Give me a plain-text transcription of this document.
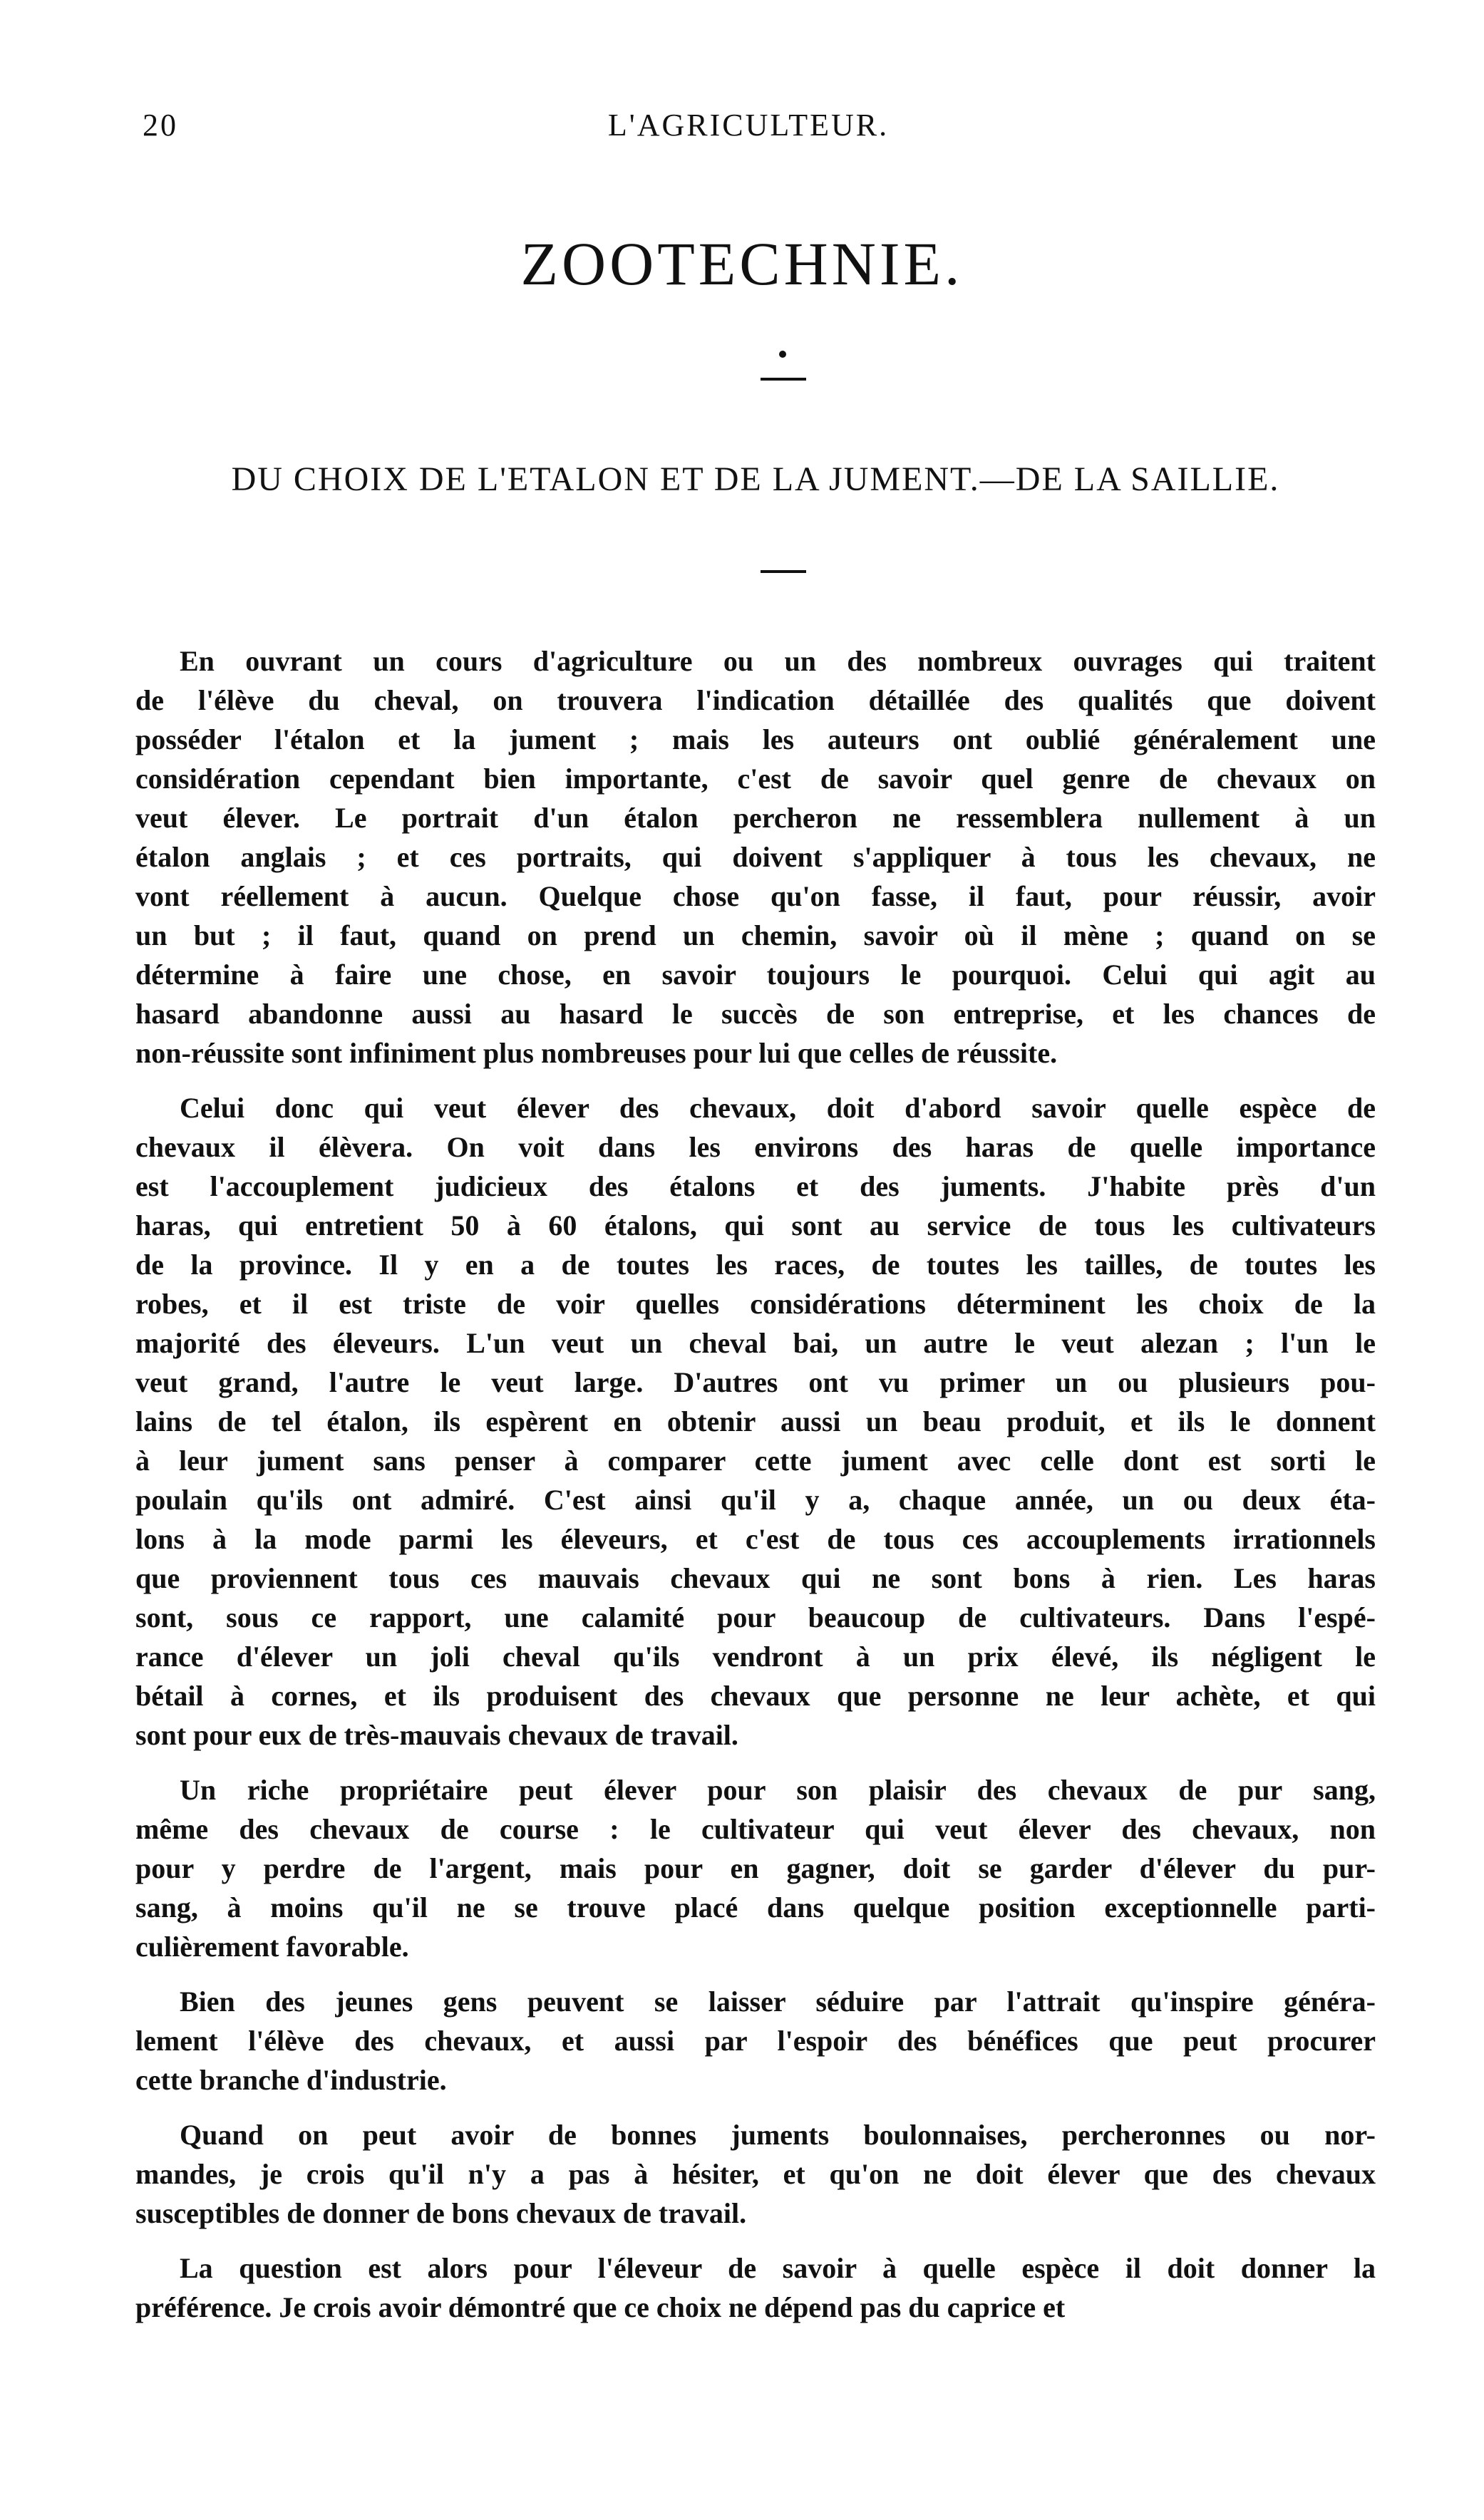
20	L'AGRICULTEUR.
ZOOTECHNIE.
DU CHOIX DE L'ETALON ET DE LA JUMENT.—DE LA SAILLIE.

En ouvrant un cours d'agriculture ou un des nombreux ouvrages qui traitent
de l'élève du cheval, on trouvera l'indication détaillée des qualités que doivent
posséder l'étalon et la jument ; mais les auteurs ont oublié généralement une
considération cependant bien importante, c'est de savoir quel genre de chevaux on
veut élever. Le portrait d'un étalon percheron ne ressemblera nullement à un
étalon anglais ; et ces portraits, qui doivent s'appliquer à tous les chevaux, ne
vont réellement à aucun. Quelque chose qu'on fasse, il faut, pour réussir, avoir
un but ; il faut, quand on prend un chemin, savoir où il mène ; quand on se
détermine à faire une chose, en savoir toujours le pourquoi. Celui qui agit au
hasard abandonne aussi au hasard le succès de son entreprise, et les chances de
non-réussite sont infiniment plus nombreuses pour lui que celles de réussite.

Celui donc qui veut élever des chevaux, doit d'abord savoir quelle espèce de
chevaux il élèvera. On voit dans les environs des haras de quelle importance
est l'accouplement judicieux des étalons et des juments. J'habite près d'un
haras, qui entretient 50 à 60 étalons, qui sont au service de tous les cultivateurs
de la province. Il y en a de toutes les races, de toutes les tailles, de toutes les
robes, et il est triste de voir quelles considérations déterminent les choix de la
majorité des éleveurs. L'un veut un cheval bai, un autre le veut alezan ; l'un le
veut grand, l'autre le veut large. D'autres ont vu primer un ou plusieurs pou-
lains de tel étalon, ils espèrent en obtenir aussi un beau produit, et ils le donnent
à leur jument sans penser à comparer cette jument avec celle dont est sorti le
poulain qu'ils ont admiré. C'est ainsi qu'il y a, chaque année, un ou deux éta-
lons à la mode parmi les éleveurs, et c'est de tous ces accouplements irrationnels
que proviennent tous ces mauvais chevaux qui ne sont bons à rien. Les haras
sont, sous ce rapport, une calamité pour beaucoup de cultivateurs. Dans l'espé-
rance d'élever un joli cheval qu'ils vendront à un prix élevé, ils négligent le
bétail à cornes, et ils produisent des chevaux que personne ne leur achète, et qui
sont pour eux de très-mauvais chevaux de travail.

Un riche propriétaire peut élever pour son plaisir des chevaux de pur sang,
même des chevaux de course : le cultivateur qui veut élever des chevaux, non
pour y perdre de l'argent, mais pour en gagner, doit se garder d'élever du pur-
sang, à moins qu'il ne se trouve placé dans quelque position exceptionnelle parti-
culièrement favorable.

Bien des jeunes gens peuvent se laisser séduire par l'attrait qu'inspire généra-
lement l'élève des chevaux, et aussi par l'espoir des bénéfices que peut procurer
cette branche d'industrie.

Quand on peut avoir de bonnes juments boulonnaises, percheronnes ou nor-
mandes, je crois qu'il n'y a pas à hésiter, et qu'on ne doit élever que des chevaux
susceptibles de donner de bons chevaux de travail.

La question est alors pour l'éleveur de savoir à quelle espèce il doit donner la
préférence. Je crois avoir démontré que ce choix ne dépend pas du caprice et
